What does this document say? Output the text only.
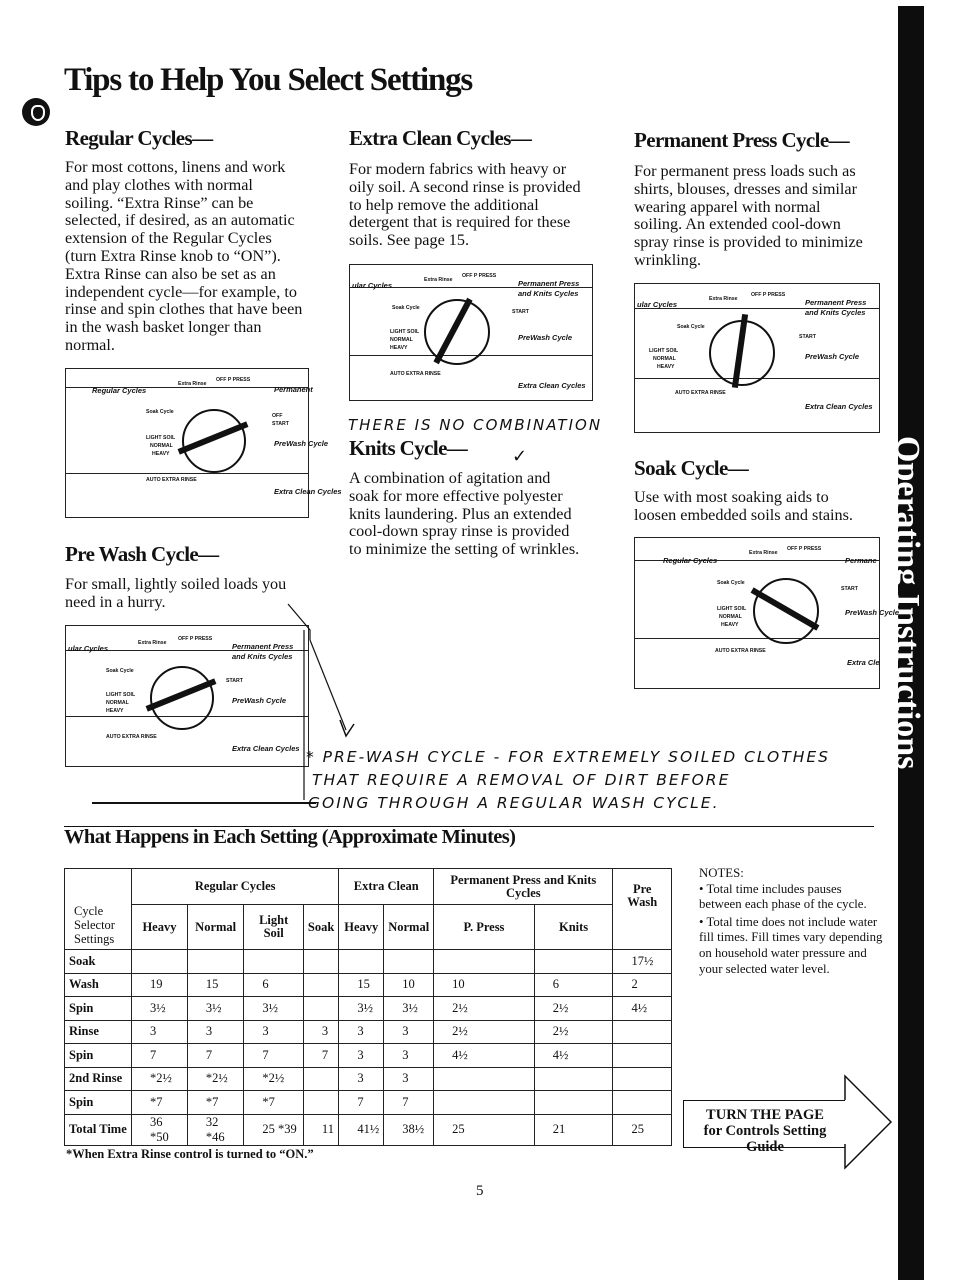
Tips to Help You Select Settings
Operating Instructions
Regular Cycles—
For most cottons, linens and work
and play clothes with normal
soiling. “Extra Rinse” can be
selected, if desired, as an automatic
extension of the Regular Cycles
(turn Extra Rinse knob to “ON”).
Extra Rinse can also be set as an
independent cycle—for example, to
rinse and spin clothes that have been
in the wash basket longer than
normal.
Extra Clean Cycles—
For modern fabrics with heavy or
oily soil. A second rinse is provided
to help remove the additional
detergent that is required for these
soils. See page 15.
Permanent Press Cycle—
For permanent press loads such as
shirts, blouses, dresses and similar
wearing apparel with normal
soiling. An extended cool-down
spray rinse is provided to minimize
wrinkling.
Regular Cycles
Extra Rinse
OFF P PRESS
Permanent
Soak Cycle
OFF
START
PreWash Cycle
LIGHT SOIL
NORMAL
HEAVY
AUTO EXTRA RINSE
Extra Clean Cycles
ular Cycles
Extra Rinse
OFF P PRESS
Permanent Press
and Knits Cycles
Soak Cycle
START
PreWash Cycle
LIGHT SOIL
NORMAL
HEAVY
AUTO EXTRA RINSE
Extra Clean Cycles
ular Cycles
Extra Rinse
OFF P PRESS
Permanent Press
and Knits Cycles
Soak Cycle
START
PreWash Cycle
LIGHT SOIL
NORMAL
HEAVY
AUTO EXTRA RINSE
Extra Clean Cycles
THERE IS NO COMBINATION
Knits Cycle— ✓
A combination of agitation and
soak for more effective polyester
knits laundering. Plus an extended
cool-down spray rinse is provided
to minimize the setting of wrinkles.
Soak Cycle—
Use with most soaking aids to
loosen embedded soils and stains.
Regular Cycles
Extra Rinse
OFF P PRESS
Permane
Soak Cycle
START
PreWash Cycle
LIGHT SOIL
NORMAL
HEAVY
AUTO EXTRA RINSE
Extra Cle
Pre Wash Cycle—
For small, lightly soiled loads you
need in a hurry.
ular Cycles
Extra Rinse
OFF P PRESS
Permanent Press
and Knits Cycles
Soak Cycle
START
PreWash Cycle
LIGHT SOIL
NORMAL
HEAVY
AUTO EXTRA RINSE
Extra Clean Cycles * PRE-WASH CYCLE - FOR EXTREMELY SOILED CLOTHES
THAT REQUIRE A REMOVAL OF DIRT BEFORE
GOING THROUGH A REGULAR WASH CYCLE.
What Happens in Each Setting (Approximate Minutes)
	Regular Cycles				Extra Clean		Permanent Press and Knits Cycles		Pre Wash
	Heavy	Normal	Light Soil	Soak	Heavy	Normal	P. Press	Knits	
Soak									17½
Wash	19	15	6		15	10	10	6	2
Spin	3½	3½	3½		3½	3½	2½	2½	4½
Rinse	3	3	3	3	3	3	2½	2½	
Spin	7	7	7	7	3	3	4½	4½	
2nd Rinse	*2½	*2½	*2½		3	3			
Spin	*7	*7	*7		7	7			
Total Time	36 *50	32 *46	25 *39	11	41½	38½	25	21	25
Cycle Selector Settings
*When Extra Rinse control is turned to “ON.”
NOTES:
• Total time includes pauses between each phase of the cycle.
• Total time does not include water fill times. Fill times vary depending on household water pressure and your selected water level.
TURN THE PAGE
for Controls Setting Guide
5
